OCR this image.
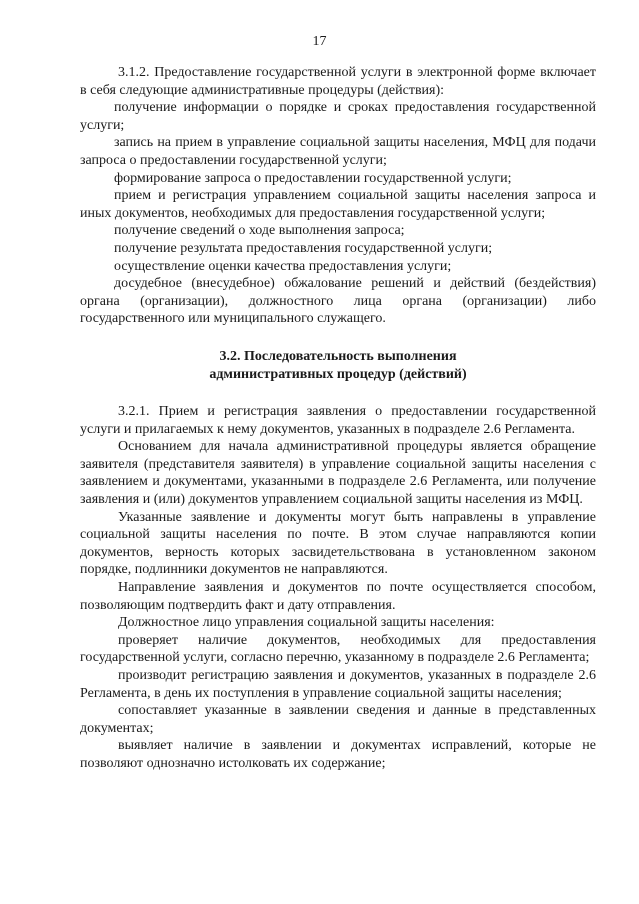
17

3.1.2. Предоставление государственной услуги в электронной форме включает в себя следующие административные процедуры (действия):

получение информации о порядке и сроках предоставления государственной услуги;

запись на прием в управление социальной защиты населения, МФЦ для подачи запроса о предоставлении государственной услуги;

формирование запроса о предоставлении государственной услуги;

прием и регистрация управлением социальной защиты населения запроса и иных документов, необходимых для предоставления государственной услуги;

получение сведений о ходе выполнения запроса;

получение результата предоставления государственной услуги;

осуществление оценки качества предоставления услуги;

досудебное (внесудебное) обжалование решений и действий (бездействия) органа (организации), должностного лица органа (организации) либо государственного или муниципального служащего.

3.2. Последовательность выполнения
административных процедур (действий)

3.2.1. Прием и регистрация заявления о предоставлении государственной услуги и прилагаемых к нему документов, указанных в подразделе 2.6 Регламента.

Основанием для начала административной процедуры является обращение заявителя (представителя заявителя) в управление социальной защиты населения с заявлением и документами, указанными в подразделе 2.6 Регламента, или получение заявления и (или) документов управлением социальной защиты населения из МФЦ.

Указанные заявление и документы могут быть направлены в управление социальной защиты населения по почте. В этом случае направляются копии документов, верность которых засвидетельствована в установленном законом порядке, подлинники документов не направляются.

Направление заявления и документов по почте осуществляется способом, позволяющим подтвердить факт и дату отправления.

Должностное лицо управления социальной защиты населения:

проверяет наличие документов, необходимых для предоставления государственной услуги, согласно перечню, указанному в подразделе 2.6 Регламента;

производит регистрацию заявления и документов, указанных в подразделе 2.6 Регламента, в день их поступления в управление социальной защиты населения;

сопоставляет указанные в заявлении сведения и данные в представленных документах;

выявляет наличие в заявлении и документах исправлений, которые не позволяют однозначно истолковать их содержание;
